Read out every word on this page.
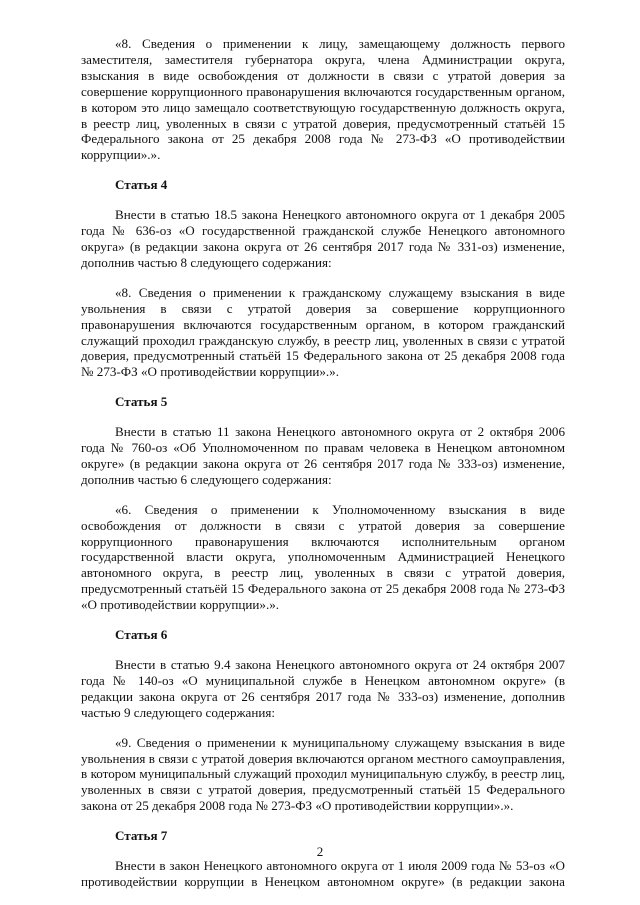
«8. Сведения о применении к лицу, замещающему должность первого заместителя, заместителя губернатора округа, члена Администрации округа, взыскания в виде освобождения от должности в связи с утратой доверия за совершение коррупционного правонарушения включаются государственным органом, в котором это лицо замещало соответствующую государственную должность округа, в реестр лиц, уволенных в связи с утратой доверия, предусмотренный статьёй 15 Федерального закона от 25 декабря 2008 года № 273-ФЗ «О противодействии коррупции».».

Статья 4

Внести в статью 18.5 закона Ненецкого автономного округа от 1 декабря 2005 года № 636-оз «О государственной гражданской службе Ненецкого автономного округа» (в редакции закона округа от 26 сентября 2017 года № 331-оз) изменение, дополнив частью 8 следующего содержания:

«8. Сведения о применении к гражданскому служащему взыскания в виде увольнения в связи с утратой доверия за совершение коррупционного правонарушения включаются государственным органом, в котором гражданский служащий проходил гражданскую службу, в реестр лиц, уволенных в связи с утратой доверия, предусмотренный статьёй 15 Федерального закона от 25 декабря 2008 года № 273-ФЗ «О противодействии коррупции».».

Статья 5

Внести в статью 11 закона Ненецкого автономного округа от 2 октября 2006 года № 760-оз «Об Уполномоченном по правам человека в Ненецком автономном округе» (в редакции закона округа от 26 сентября 2017 года № 333-оз) изменение, дополнив частью 6 следующего содержания:

«6. Сведения о применении к Уполномоченному взыскания в виде освобождения от должности в связи с утратой доверия за совершение коррупционного правонарушения включаются исполнительным органом государственной власти округа, уполномоченным Администрацией Ненецкого автономного округа, в реестр лиц, уволенных в связи с утратой доверия, предусмотренный статьёй 15 Федерального закона от 25 декабря 2008 года № 273-ФЗ «О противодействии коррупции».».

Статья 6

Внести в статью 9.4 закона Ненецкого автономного округа от 24 октября 2007 года № 140-оз «О муниципальной службе в Ненецком автономном округе» (в редакции закона округа от 26 сентября 2017 года № 333-оз) изменение, дополнив частью 9 следующего содержания:

«9. Сведения о применении к муниципальному служащему взыскания в виде увольнения в связи с утратой доверия включаются органом местного самоуправления, в котором муниципальный служащий проходил муниципальную службу, в реестр лиц, уволенных в связи с утратой доверия, предусмотренный статьёй 15 Федерального закона от 25 декабря 2008 года № 273-ФЗ «О противодействии коррупции».».

Статья 7

Внести в закон Ненецкого автономного округа от 1 июля 2009 года № 53-оз «О противодействии коррупции в Ненецком автономном округе» (в редакции закона

2
